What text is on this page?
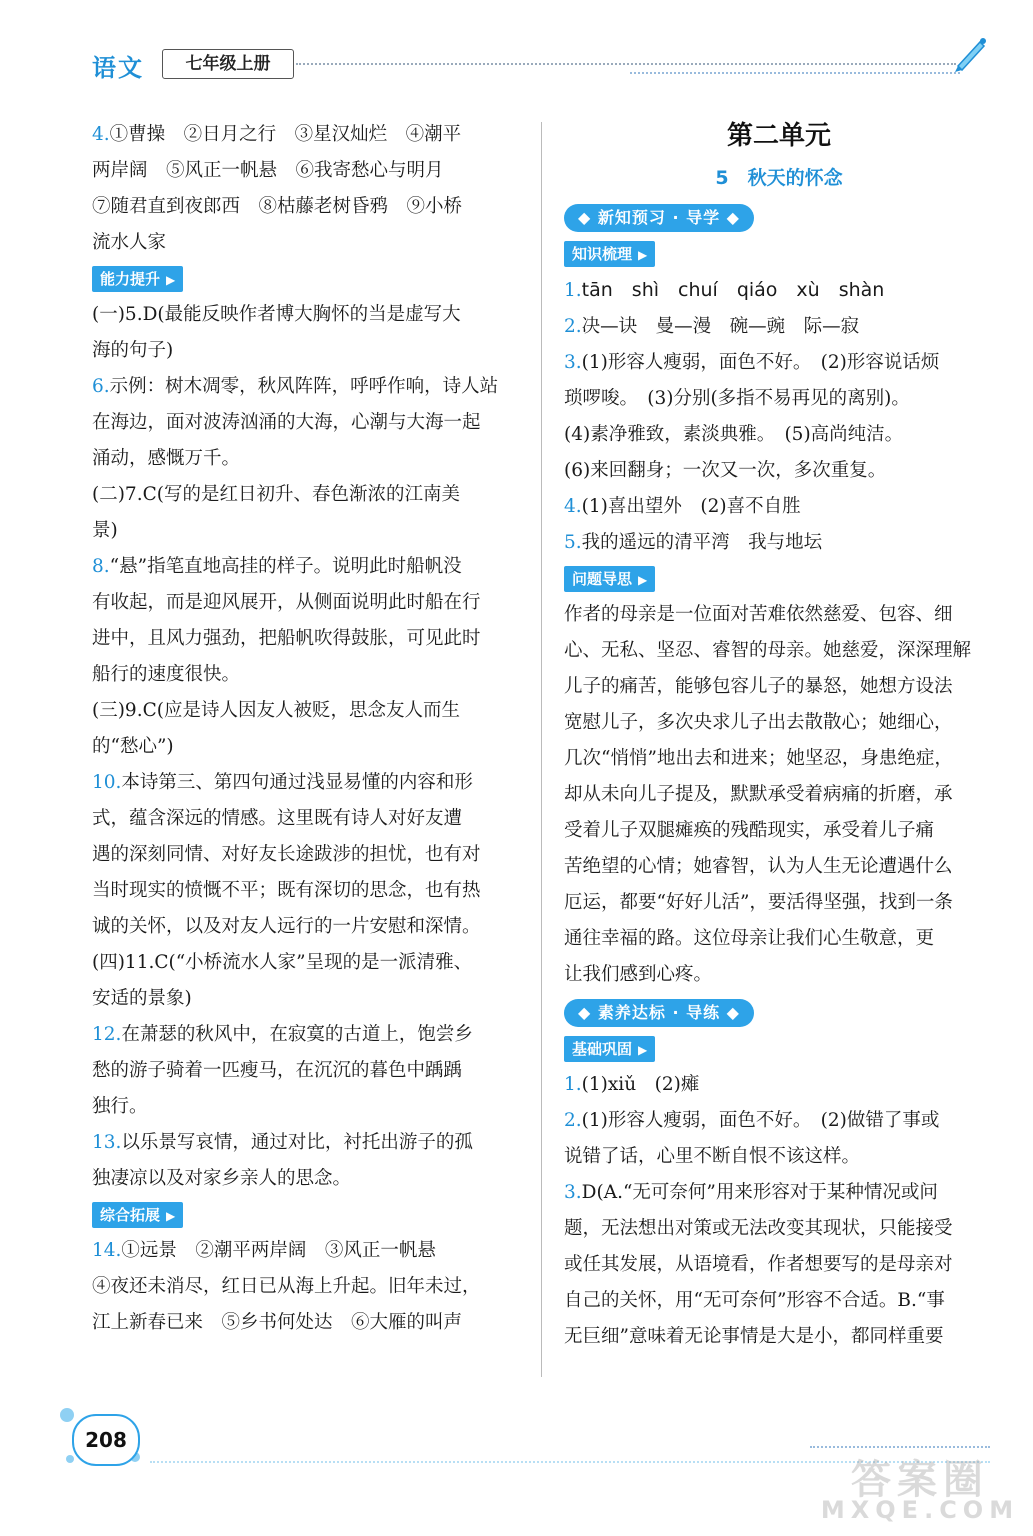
语文	七年级上册

4.①曹操　②日月之行　③星汉灿烂　④潮平

两岸阔　⑤风正一帆悬　⑥我寄愁心与明月

⑦随君直到夜郎西　⑧枯藤老树昏鸦　⑨小桥

流水人家

能力提升 ▶

(一)5.D(最能反映作者博大胸怀的当是虚写大

海的句子)

6.示例：树木凋零，秋风阵阵，呼呼作响，诗人站

在海边，面对波涛汹涌的大海，心潮与大海一起

涌动，感慨万千。

(二)7.C(写的是红日初升、春色渐浓的江南美

景)

8.“悬”指笔直地高挂的样子。说明此时船帆没

有收起，而是迎风展开，从侧面说明此时船在行

进中，且风力强劲，把船帆吹得鼓胀，可见此时

船行的速度很快。

(三)9.C(应是诗人因友人被贬，思念友人而生

的“愁心”)

10.本诗第三、第四句通过浅显易懂的内容和形

式，蕴含深远的情感。这里既有诗人对好友遭

遇的深刻同情、对好友长途跋涉的担忧，也有对

当时现实的愤慨不平；既有深切的思念，也有热

诚的关怀，以及对友人远行的一片安慰和深情。

(四)11.C(“小桥流水人家”呈现的是一派清雅、

安适的景象)

12.在萧瑟的秋风中，在寂寞的古道上，饱尝乡

愁的游子骑着一匹瘦马，在沉沉的暮色中踽踽

独行。

13.以乐景写哀情，通过对比，衬托出游子的孤

独凄凉以及对家乡亲人的思念。

综合拓展 ▶

14.①远景　②潮平两岸阔　③风正一帆悬

④夜还未消尽，红日已从海上升起。旧年未过，

江上新春已来　⑤乡书何处达　⑥大雁的叫声

第二单元
5　秋天的怀念
◆ 新知预习 · 导学 ◆
知识梳理 ▶

1.tān　shì　chuí　qiáo　xù　shàn

2.决—诀　曼—漫　碗—豌　际—寂

3.(1)形容人瘦弱，面色不好。　(2)形容说话烦

琐啰唆。　(3)分别(多指不易再见的离别)。

(4)素净雅致，素淡典雅。　(5)高尚纯洁。

(6)来回翻身；一次又一次，多次重复。

4.(1)喜出望外　(2)喜不自胜

5.我的遥远的清平湾　我与地坛

问题导思 ▶

作者的母亲是一位面对苦难依然慈爱、包容、细

心、无私、坚忍、睿智的母亲。她慈爱，深深理解

儿子的痛苦，能够包容儿子的暴怒，她想方设法

宽慰儿子，多次央求儿子出去散散心；她细心，

几次“悄悄”地出去和进来；她坚忍，身患绝症，

却从未向儿子提及，默默承受着病痛的折磨，承

受着儿子双腿瘫痪的残酷现实，承受着儿子痛

苦绝望的心情；她睿智，认为人生无论遭遇什么

厄运，都要“好好儿活”，要活得坚强，找到一条

通往幸福的路。这位母亲让我们心生敬意，更

让我们感到心疼。

◆ 素养达标 · 导练 ◆
基础巩固 ▶

1.(1)xiǔ　(2)瘫

2.(1)形容人瘦弱，面色不好。　(2)做错了事或

说错了话，心里不断自恨不该这样。

3.D(A.“无可奈何”用来形容对于某种情况或问

题，无法想出对策或无法改变其现状，只能接受

或任其发展，从语境看，作者想要写的是母亲对

自己的关怀，用“无可奈何”形容不合适。B.“事

无巨细”意味着无论事情是大是小，都同样重要

208
答案圈
MXQE.COM
